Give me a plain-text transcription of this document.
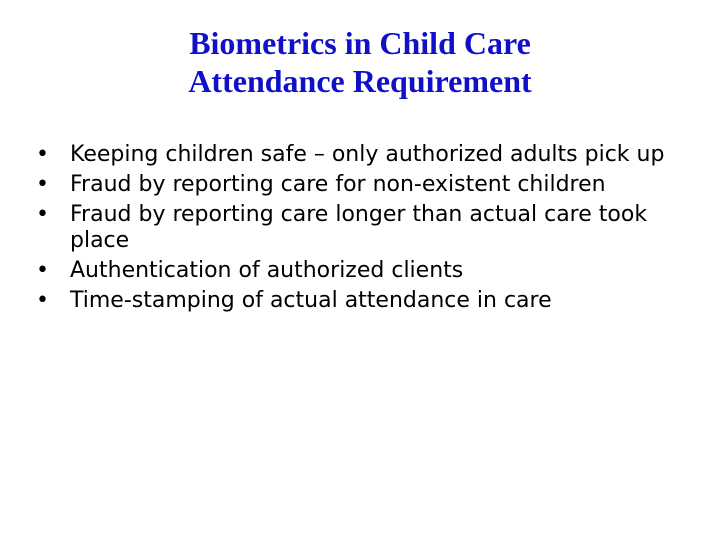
Biometrics in Child Care
Attendance Requirement
• Keeping children safe – only authorized adults pick up
• Fraud by reporting care for non-existent children
• Fraud by reporting care longer than actual care took place
• Authentication of authorized clients
• Time-stamping of actual attendance in care
